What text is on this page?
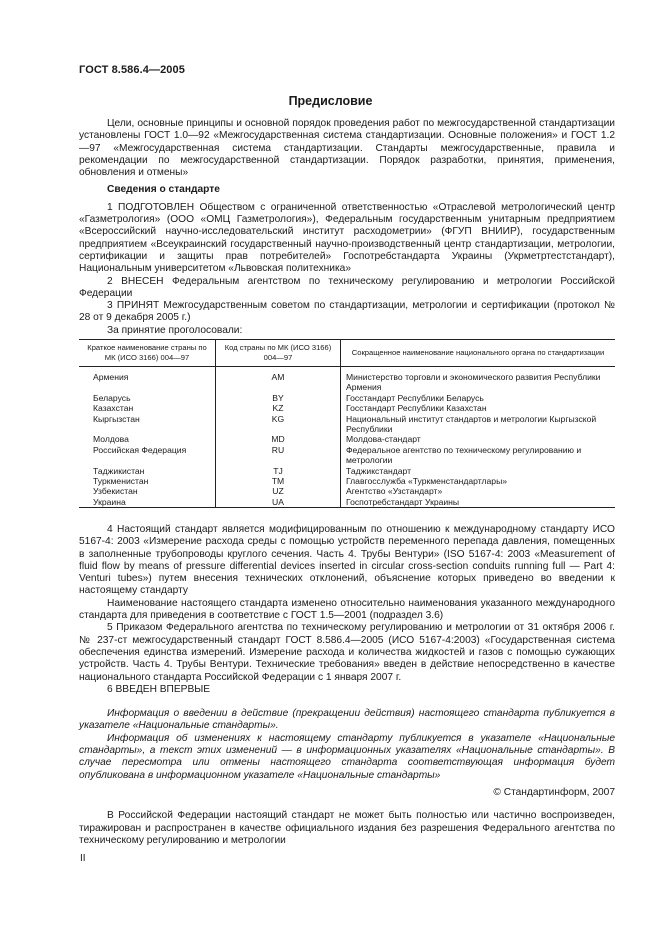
ГОСТ 8.586.4—2005
Предисловие

Цели, основные принципы и основной порядок проведения работ по межгосударственной стандартизации установлены ГОСТ 1.0—92 «Межгосударственная система стандартизации. Основные положения» и ГОСТ 1.2—97 «Межгосударственная система стандартизации. Стандарты межгосударственные, правила и рекомендации по межгосударственной стандартизации. Порядок разработки, принятия, применения, обновления и отмены»

Сведения о стандарте

1 ПОДГОТОВЛЕН Обществом с ограниченной ответственностью «Отраслевой метрологический центр «Газметрология» (ООО «ОМЦ Газметрология»), Федеральным государственным унитарным предприятием «Всероссийский научно-исследовательский институт расходометрии» (ФГУП ВНИИР), государственным предприятием «Всеукраинский государственный научно-производственный центр стандартизации, метрологии, сертификации и защиты прав потребителей» Госпотребстандарта Украины (Укрметртестстандарт), Национальным университетом «Львовская политехника»

2 ВНЕСЕН Федеральным агентством по техническому регулированию и метрологии Российской Федерации

3 ПРИНЯТ Межгосударственным советом по стандартизации, метрологии и сертификации (протокол № 28 от 9 декабря 2005 г.)

За принятие проголосовали:

Краткое наименование страны по МК (ИСО 3166) 004—97	Код страны по МК (ИСО 3166) 004—97	Сокращенное наименование национального органа по стандартизации
Армения	AM	Министерство торговли и экономического развития Республики Армения
Беларусь	BY	Госстандарт Республики Беларусь
Казахстан	KZ	Госстандарт Республики Казахстан
Кыргызстан	KG	Национальный институт стандартов и метрологии Кыргызской Республики
Молдова	MD	Молдова-стандарт
Российская Федерация	RU	Федеральное агентство по техническому регулированию и метрологии
Таджикистан	TJ	Таджикстандарт
Туркменистан	TM	Главгосслужба «Туркменстандартлары»
Узбекистан	UZ	Агентство «Узстандарт»
Украина	UA	Госпотребстандарт Украины

4 Настоящий стандарт является модифицированным по отношению к международному стандарту ИСО 5167-4: 2003 «Измерение расхода среды с помощью устройств переменного перепада давления, помещенных в заполненные трубопроводы круглого сечения. Часть 4. Трубы Вентури» (ISO 5167-4: 2003 «Measurement of fluid flow by means of pressure differential devices inserted in circular cross-section conduits running full — Part 4: Venturi tubes») путем внесения технических отклонений, объяснение которых приведено во введении к настоящему стандарту

Наименование настоящего стандарта изменено относительно наименования указанного международного стандарта для приведения в соответствие с ГОСТ 1.5—2001 (подраздел 3.6)

5 Приказом Федерального агентства по техническому регулированию и метрологии от 31 октября 2006 г. № 237-ст межгосударственный стандарт ГОСТ 8.586.4—2005 (ИСО 5167-4:2003) «Государственная система обеспечения единства измерений. Измерение расхода и количества жидкостей и газов с помощью сужающих устройств. Часть 4. Трубы Вентури. Технические требования» введен в действие непосредственно в качестве национального стандарта Российской Федерации с 1 января 2007 г.

6 ВВЕДЕН ВПЕРВЫЕ

Информация о введении в действие (прекращении действия) настоящего стандарта публикуется в указателе «Национальные стандарты».

Информация об изменениях к настоящему стандарту публикуется в указателе «Национальные стандарты», а текст этих изменений — в информационных указателях «Национальные стандарты». В случае пересмотра или отмены настоящего стандарта соответствующая информация будет опубликована в информационном указателе «Национальные стандарты»

© Стандартинформ, 2007

В Российской Федерации настоящий стандарт не может быть полностью или частично воспроизведен, тиражирован и распространен в качестве официального издания без разрешения Федерального агентства по техническому регулированию и метрологии

II
